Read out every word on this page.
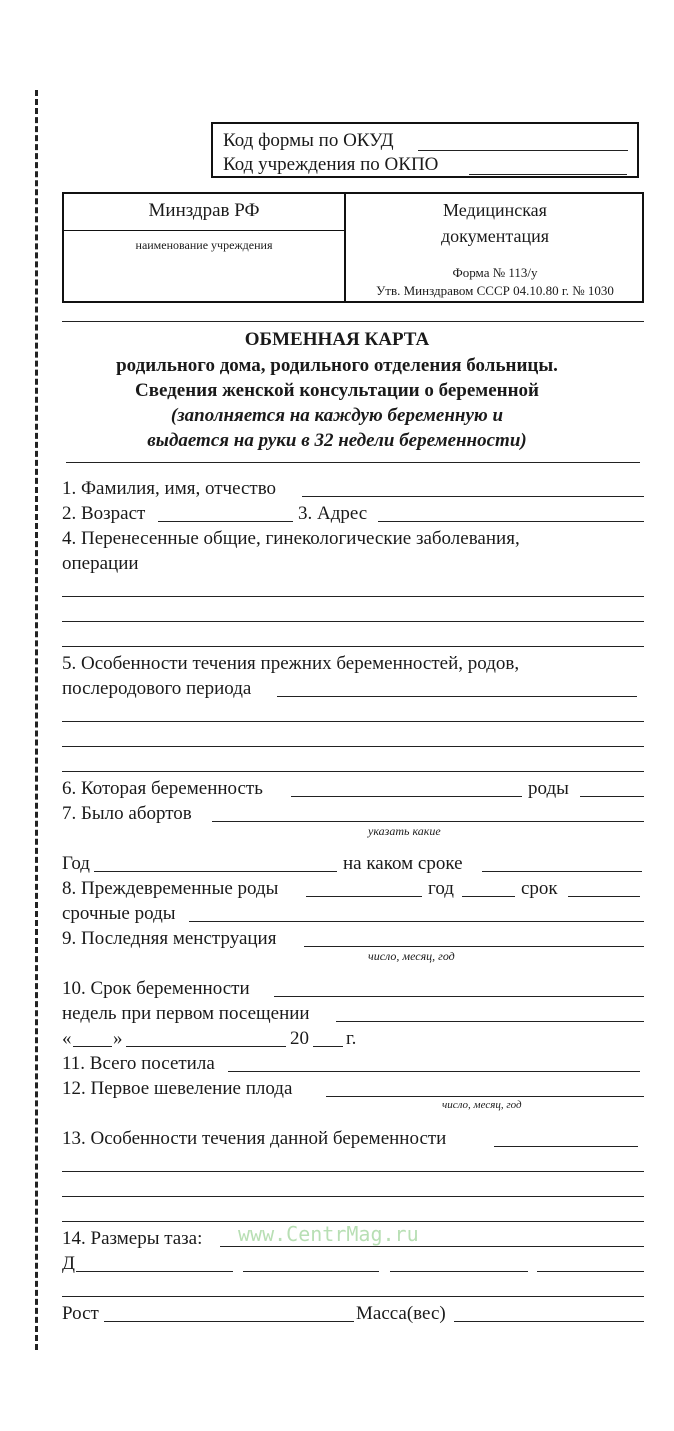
Код формы по ОКУД
Код учреждения по ОКПО
Минздрав РФ
наименование учреждения
Медицинская
документация
Форма № 113/у
Утв. Минздравом СССР 04.10.80 г. № 1030
ОБМЕННАЯ КАРТА
родильного дома, родильного отделения больницы.
Сведения женской консультации о беременной
(заполняется на каждую беременную и
выдается на руки в 32 недели беременности)
1. Фамилия, имя, отчество
2. Возраст	3. Адрес
4. Перенесенные общие, гинекологические заболевания,
операции
5. Особенности течения прежних беременностей, родов,
послеродового периода
6. Которая беременность	роды
7. Было абортов
указать какие
Год	на каком сроке
8. Преждевременные роды	год	срок
срочные роды
9. Последняя менструация
число, месяц, год
10. Срок беременности
недель при первом посещении
« »	20 г.
11. Всего посетила
12. Первое шевеление плода
число, месяц, год
13. Особенности течения данной беременности
14. Размеры таза: www.CentrMag.ru
Д
Рост	Масса(вес)
